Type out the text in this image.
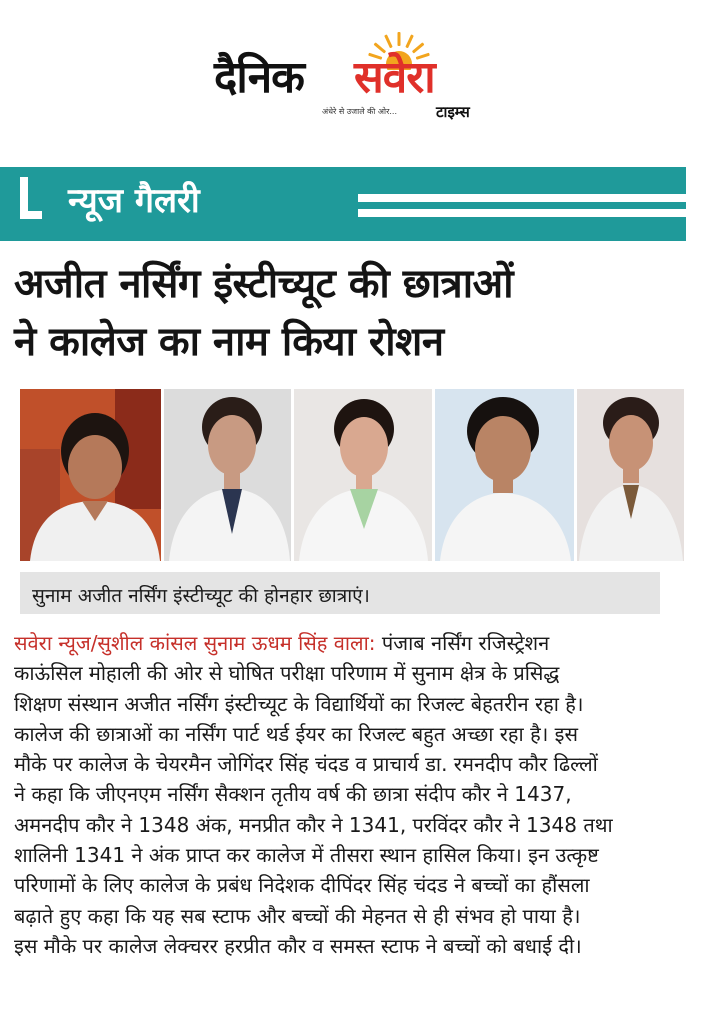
दैनिक सवेरा
अंधेरे से उजाले की ओर...	टाइम्स
न्यूज गैलरी
अजीत नर्सिंग इंस्टीच्यूट की छात्राओं
ने कालेज का नाम किया रोशन
सुनाम अजीत नर्सिंग इंस्टीच्यूट की होनहार छात्राएं।
सवेरा न्यूज/सुशील कांसल सुनाम ऊधम सिंह वाला: पंजाब नर्सिंग रजिस्ट्रेशन
काऊंसिल मोहाली की ओर से घोषित परीक्षा परिणाम में सुनाम क्षेत्र के प्रसिद्ध
शिक्षण संस्थान अजीत नर्सिंग इंस्टीच्यूट के विद्यार्थियों का रिजल्ट बेहतरीन रहा है।
कालेज की छात्राओं का नर्सिंग पार्ट थर्ड ईयर का रिजल्ट बहुत अच्छा रहा है। इस
मौके पर कालेज के चेयरमैन जोगिंदर सिंह चंदड व प्राचार्य डा. रमनदीप कौर ढिल्लों
ने कहा कि जीएनएम नर्सिंग सैक्शन तृतीय वर्ष की छात्रा संदीप कौर ने 1437,
अमनदीप कौर ने 1348 अंक, मनप्रीत कौर ने 1341, परविंदर कौर ने 1348 तथा
शालिनी 1341 ने अंक प्राप्त कर कालेज में तीसरा स्थान हासिल किया। इन उत्कृष्ट
परिणामों के लिए कालेज के प्रबंध निदेशक दीपिंदर सिंह चंदड ने बच्चों का हौंसला
बढ़ाते हुए कहा कि यह सब स्टाफ और बच्चों की मेहनत से ही संभव हो पाया है।
इस मौके पर कालेज लेक्चरर हरप्रीत कौर व समस्त स्टाफ ने बच्चों को बधाई दी।
